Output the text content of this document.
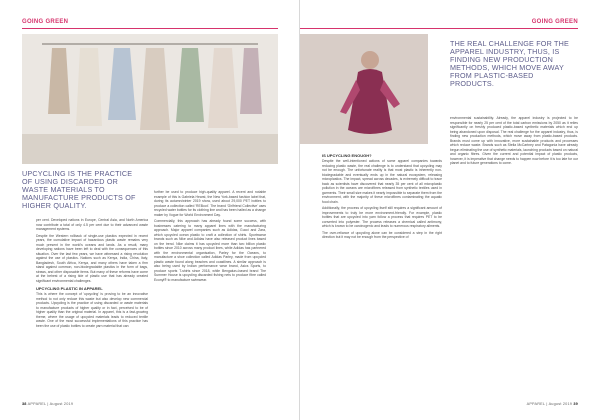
GOING GREEN
UPCYCLING IS THE PRACTICE OF USING DISCARDED OR WASTE MATERIALS TO MANUFACTURE PRODUCTS OF HIGHER QUALITY.

per cent. Developed nations in Europe, Central Asia, and North America now contribute a total of only 4.5 per cent due to their advanced waste management systems.

Despite the Western rollback of single-use plastics expected in recent years, the cumulative impact of hazardous plastic waste remains very much present in the world's oceans and lands. As a result, many developing nations have been left to deal with the consequences of this situation. Over the last few years, we have witnessed a rising revolution against the use of plastics. Nations such as Kenya, India, China, Italy, Bangladesh, South Africa, Kenya, and many others have taken a firm stand against common, non-biodegradable plastics in the form of bags, straws, and other disposable items. But many of these reforms have come at the behest of a rising tide of plastic use that has already created significant environmental challenges.

UPCYCLING PLASTIC IN APPAREL

This is where the concept of 'upcycling' is proving to be an innovative method to not only reduce this waste but also develop new commercial products. Upcycling is the practice of using discarded or waste materials to manufacture products of higher quality or in fact, perceived to be of higher quality than the original material. In apparel, this is a fast-growing theme, where the usage of upcycled materials leads to reduced textile waste. One of the most successful implementations of this practice has been the use of plastic bottles to create yarn material that can

further be used to produce high-quality apparel. A recent and notable example of this is Gabriela Hearst, the New York-based fashion label that, during its autumn/winter 2019 show, used about 29,000 PET bottles to produce a collection called 'REBoot'. The brand 'Girlfriend Collective' uses recycled water bottles for its clothing line and has been hailed as a change maker by Vogue for World Environment Day.

Commercially, this approach has already found some success, with businesses catering to many apparel lines with the manufacturing approach. Major apparel companies such as Adidas, Gucci and Zara, which upcycled ocean plastic to craft a collection of shirts. Sportswear brands such as Nike and Adidas have also released product lines based on the trend. Nike claims it has upcycled more than two billion plastic bottles since 2010 across many product lines, while Adidas has partnered with the environmental organisation, Parley for the Oceans, to manufacture a shoe collection called Adidas Parley, made from upcycled plastic waste found along beaches and coastlines. A similar approach is also being used by Indian performance wear brand, Asics Sports, to produce sports T-shirts since 2018, while Bengaluru-based brand The Summer House is upcycling discarded fishing nets to produce fibre called Econyl® to manufacture swimwear.

38 APPAREL | August 2019
GOING GREEN
THE REAL CHALLENGE FOR THE APPAREL INDUSTRY, THUS, IS FINDING NEW PRODUCTION METHODS, WHICH MOVE AWAY FROM PLASTIC-BASED PRODUCTS.
IS UPCYCLING ENOUGH?

Despite the well-intentioned actions of some apparel companies towards reducing plastic waste, the real challenge is to understand that upcycling may not be enough. The unfortunate reality is that most plastic is inherently non-biodegradable and eventually ends up in the natural ecosystem, releasing microplastics. The impact, spread across decades, is extremely difficult to trace back as scientists have discovered that nearly 35 per cent of all microplastic pollution in the oceans are microfibres released from synthetic textiles used in garments. Their small size makes it nearly impossible to separate them from the environment, with the majority of these microfibres contaminating the aquatic food chain.

Additionally, the process of upcycling itself still requires a significant amount of improvements to truly be more environment-friendly. For example, plastic bottles that are upcycled into yarn follow a process that requires PET to be converted into polyester. The process releases a chemical called antimony, which is known to be carcinogenic and leads to numerous respiratory ailments.

The over-reliance of upcycling alone can be considered a step in the right direction but it may not be enough from the perspective of

environmental sustainability. Already, the apparel industry is projected to be responsible for nearly 25 per cent of the total carbon emissions by 2050 as it relies significantly on freshly produced plastic-based synthetic materials which end up being abandoned upon disposal. The real challenge for the apparel industry, thus, is finding new production methods, which move away from plastic-based products. Brands must come up with innovative, more sustainable products and processes which reduce waste. Brands such as Stella McCartney and Patagonia have already begun eliminating the use of synthetic materials, launching products based on natural and organic fibres. Given the current and potential impact of plastic products, however, it is imperative that change needs to happen now before it is too late for our planet and to future generations to come.

APPAREL | August 2019 39
